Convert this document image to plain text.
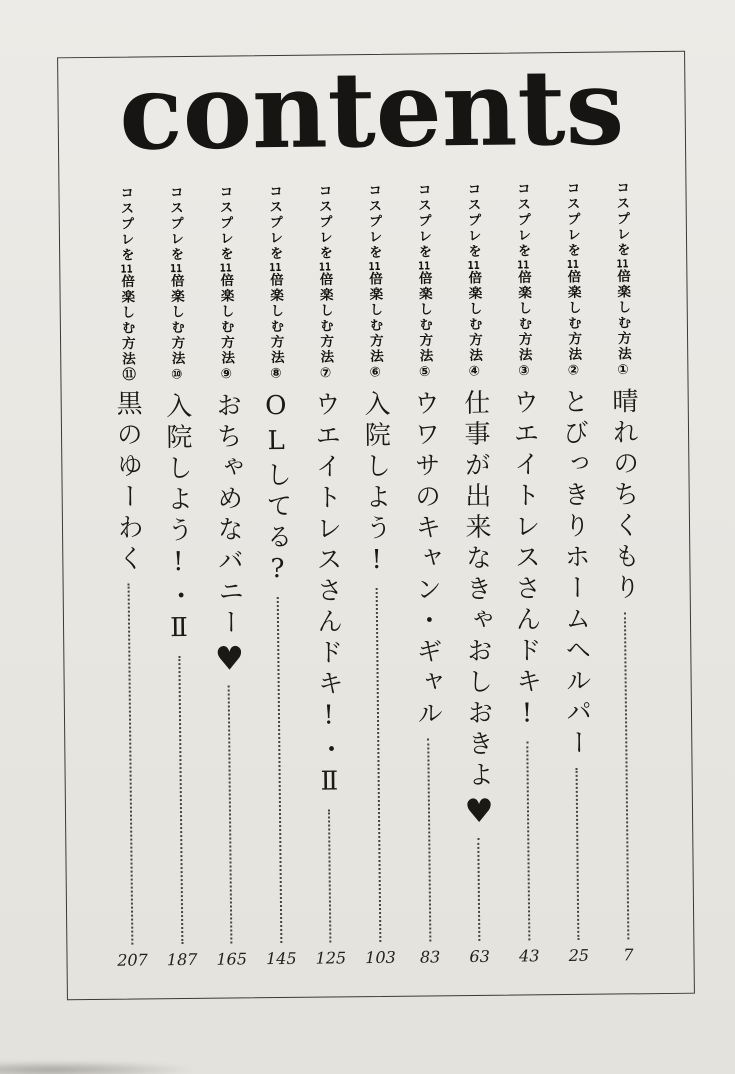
contents
コスプレを11倍楽しむ方法①
晴れのちくもり
7
コスプレを11倍楽しむ方法②
とびっきりホームヘルパー
25
コスプレを11倍楽しむ方法③
ウエイトレスさんドキ!
43
コスプレを11倍楽しむ方法④
仕事が出来なきゃおしおきよ♥
63
コスプレを11倍楽しむ方法⑤
ウワサのキャン・ギャル
83
コスプレを11倍楽しむ方法⑥
入院しよう!
103
コスプレを11倍楽しむ方法⑦
ウエイトレスさんドキ!・Ⅱ
125
コスプレを11倍楽しむ方法⑧
OLしてる?
145
コスプレを11倍楽しむ方法⑨
おちゃめなバニー♥
165
コスプレを11倍楽しむ方法⑩
入院しよう!・Ⅱ
187
コスプレを11倍楽しむ方法⑪
黒のゆーわく
207
